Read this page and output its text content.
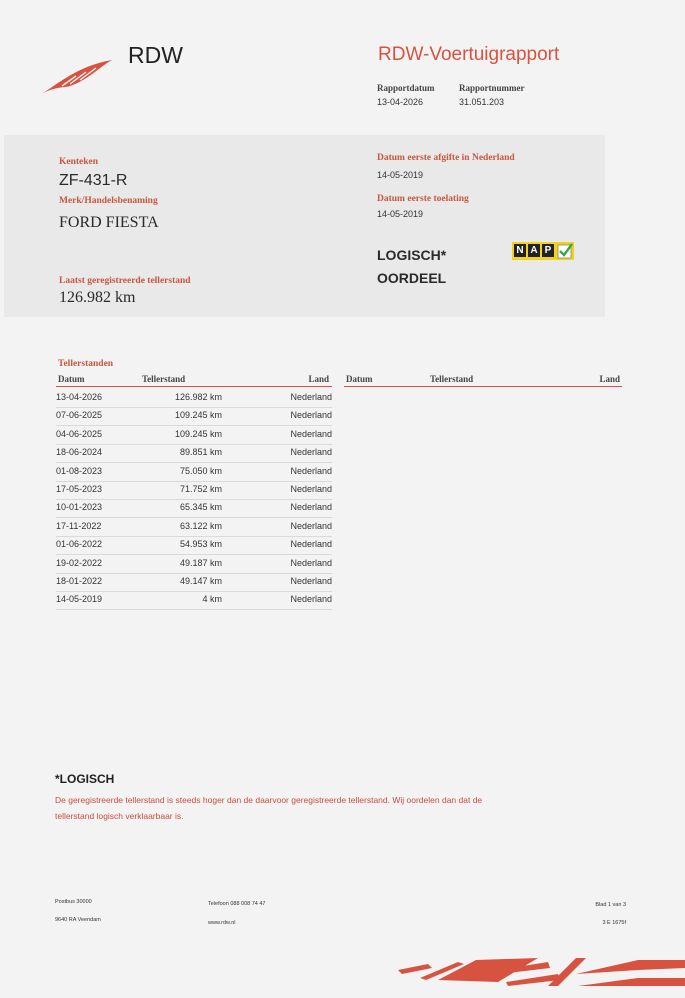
RDW	RDW-Voertuigrapport
Rapportdatum
13-04-2026
Rapportnummer
31.051.203
Kenteken
ZF-431-R
Merk/Handelsbenaming
FORD FIESTA
Laatst geregistreerde tellerstand
126.982 km
Datum eerste afgifte in Nederland
14-05-2019
Datum eerste toelating
14-05-2019
LOGISCH*
OORDEEL
N A P
Tellerstanden
Datum	Tellerstand	Land Datum	Tellerstand	Land
13-04-2026	126.982 km	Nederland
07-06-2025	109.245 km	Nederland
04-06-2025	109.245 km	Nederland
18-06-2024	89.851 km	Nederland
01-08-2023	75.050 km	Nederland
17-05-2023	71.752 km	Nederland
10-01-2023	65.345 km	Nederland
17-11-2022	63.122 km	Nederland
01-06-2022	54.953 km	Nederland
19-02-2022	49.187 km	Nederland
18-01-2022	49.147 km	Nederland
14-05-2019	4 km	Nederland
*LOGISCH
De geregistreerde tellerstand is steeds hoger dan de daarvoor geregistreerde tellerstand. Wij oordelen dan dat de
tellerstand logisch verklaarbaar is.
Postbus 30000
9640 RA Veendam
Telefoon 088 008 74 47
www.rdw.nl
Blad 1 van 3
3 E 1675f
